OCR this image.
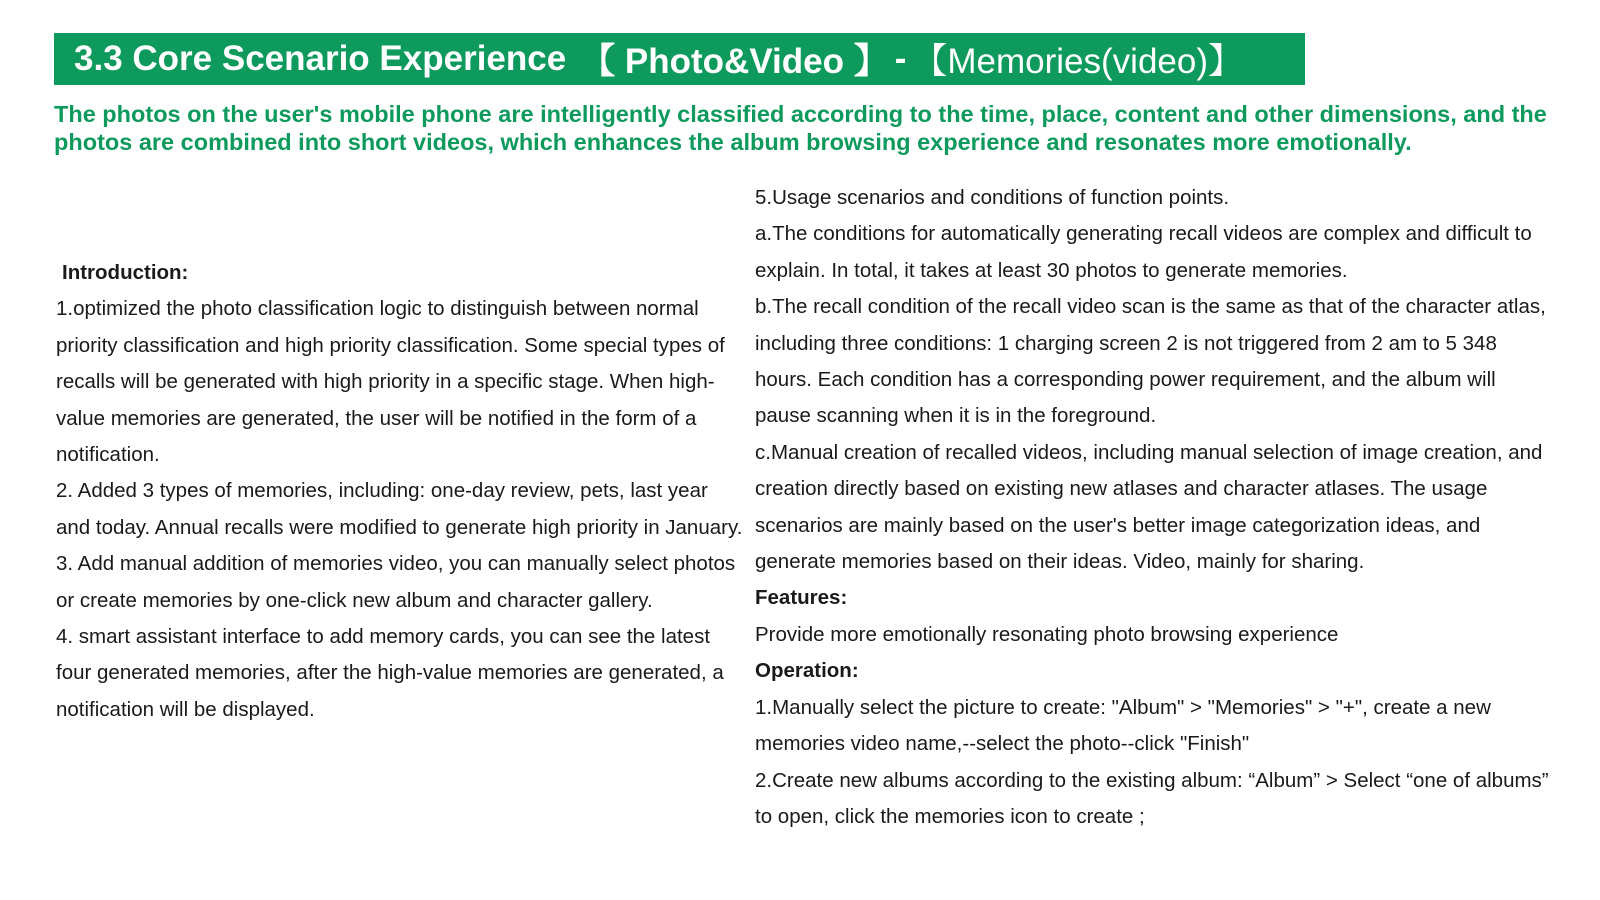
3.3 Core Scenario Experience 【 Photo&Video 】 - 【Memories(video)】
The photos on the user's mobile phone are intelligently classified according to the time, place, content and other dimensions, and the photos are combined into short videos, which enhances the album browsing experience and resonates more emotionally.

Introduction:

1.optimized the photo classification logic to distinguish between normal priority classification and high priority classification. Some special types of recalls will be generated with high priority in a specific stage. When high-value memories are generated, the user will be notified in the form of a notification.

2. Added 3 types of memories, including: one-day review, pets, last year and today. Annual recalls were modified to generate high priority in January.

3. Add manual addition of memories video, you can manually select photos or create memories by one-click new album and character gallery.

4. smart assistant interface to add memory cards, you can see the latest four generated memories, after the high-value memories are generated, a notification will be displayed.

5.Usage scenarios and conditions of function points.

a.The conditions for automatically generating recall videos are complex and difficult to explain. In total, it takes at least 30 photos to generate memories.

b.The recall condition of the recall video scan is the same as that of the character atlas, including three conditions: 1 charging screen 2 is not triggered from 2 am to 5 348 hours. Each condition has a corresponding power requirement, and the album will pause scanning when it is in the foreground.

c.Manual creation of recalled videos, including manual selection of image creation, and creation directly based on existing new atlases and character atlases. The usage scenarios are mainly based on the user's better image categorization ideas, and generate memories based on their ideas. Video, mainly for sharing.

Features:

Provide more emotionally resonating photo browsing experience

Operation:

1.Manually select the picture to create: "Album" > "Memories" > "+", create a new memories video name,--select the photo--click "Finish"

2.Create new albums according to the existing album: “Album” > Select “one of albums” to open, click the memories icon to create ;
